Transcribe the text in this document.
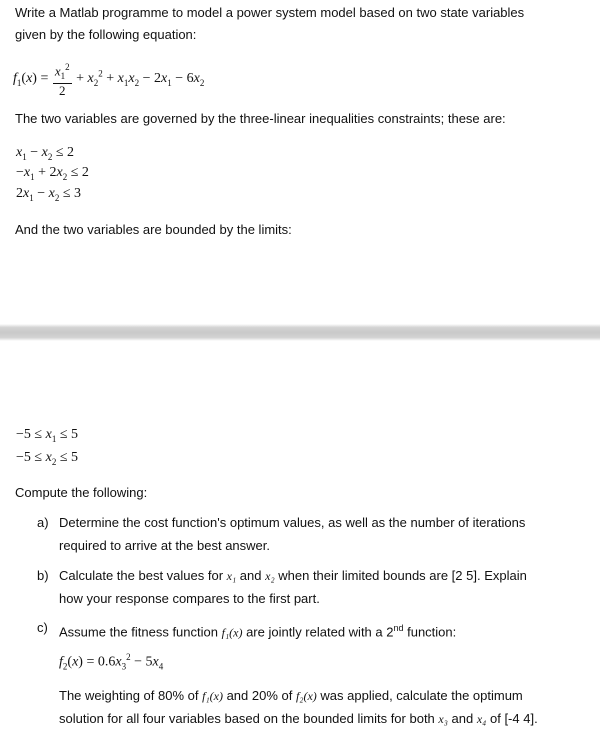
Write a Matlab programme to model a power system model based on two state variables
given by the following equation:
$f_1(x) = \frac{x_1^2}{2} + x_2^2 + x_1x_2 - 2x_1 - 6x_2$
The two variables are governed by the three-linear inequalities constraints; these are:
$x_1 - x_2 \le 2$
$-x_1 + 2x_2 \le 2$
$2x_1 - x_2 \le 3$
And the two variables are bounded by the limits:
$-5 \le x_1 \le 5$
$-5 \le x_2 \le 5$
Compute the following:
a) Determine the cost function's optimum values, as well as the number of iterations
required to arrive at the best answer.
b) Calculate the best values for x₁ and x₂ when their limited bounds are [2 5]. Explain
how your response compares to the first part.
c) Assume the fitness function f₁(x) are jointly related with a 2nd function:
$f_2(x) = 0.6x_3^2 - 5x_4$
The weighting of 80% of f₁(x) and 20% of f₂(x) was applied, calculate the optimum
solution for all four variables based on the bounded limits for both x₃ and x₄ of [-4 4].
